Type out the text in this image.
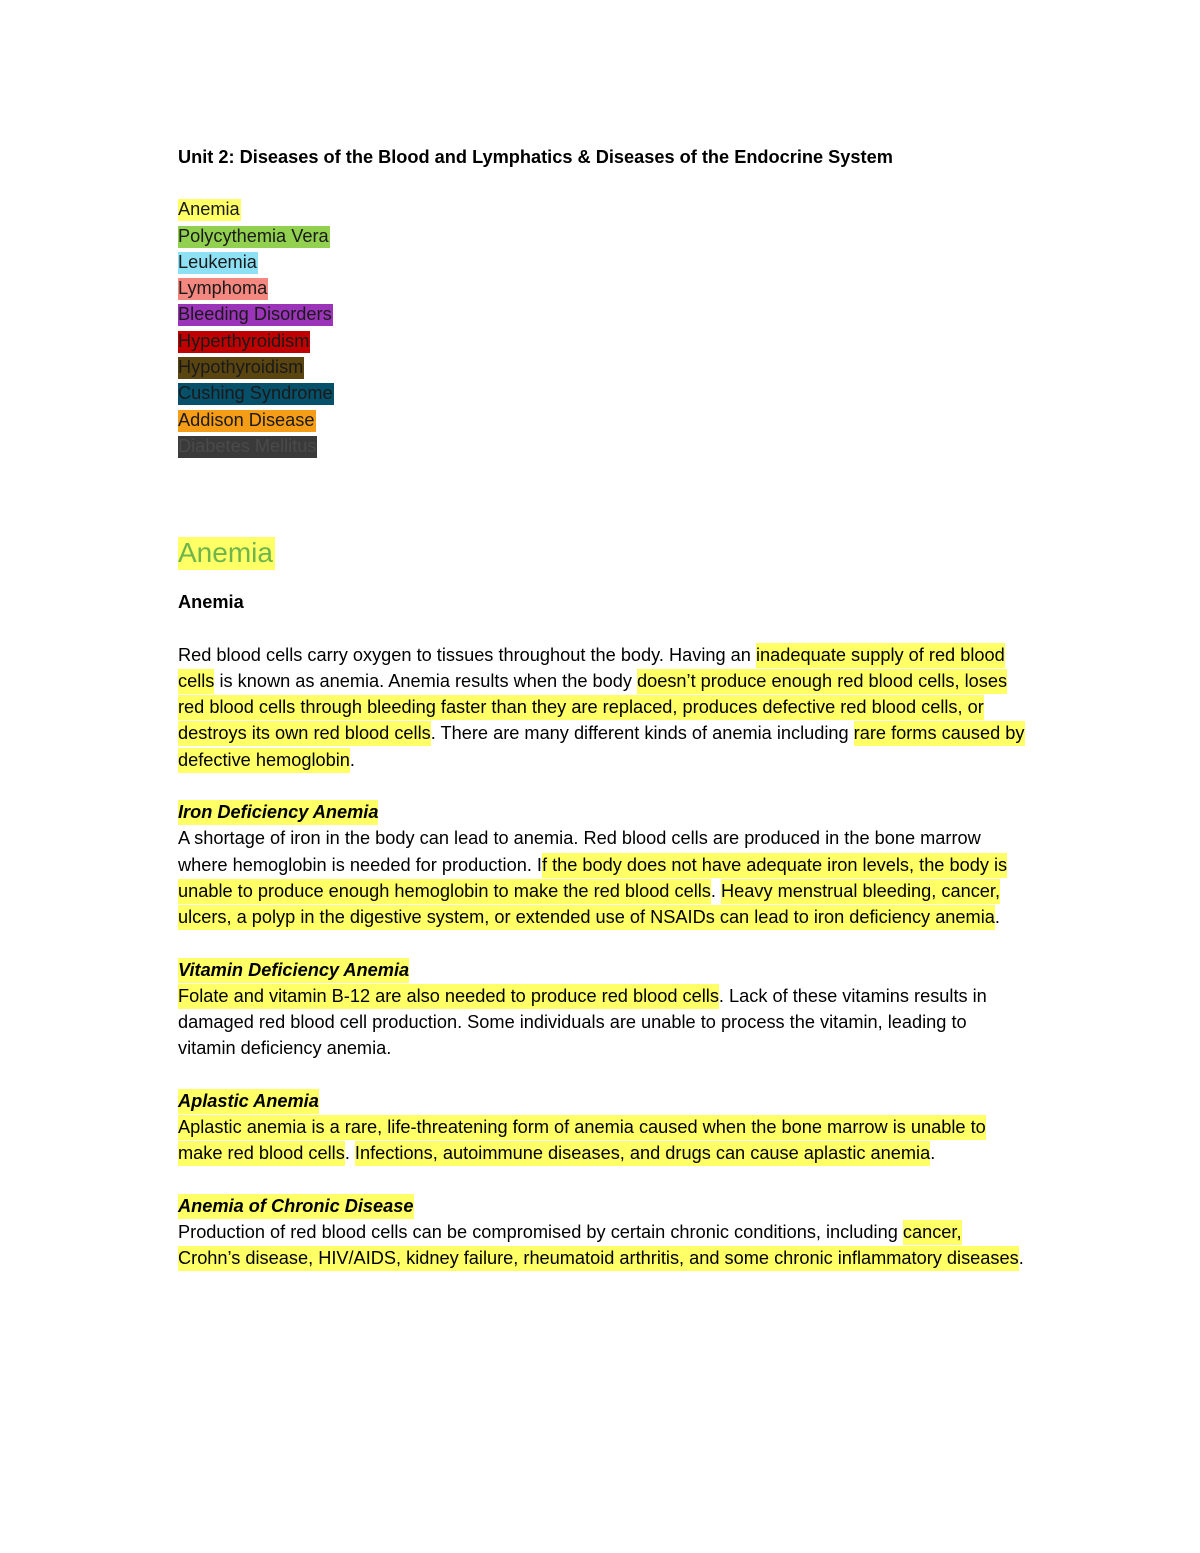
Unit 2: Diseases of the Blood and Lymphatics & Diseases of the Endocrine System

Anemia
Polycythemia Vera
Leukemia
Lymphoma
Bleeding Disorders
Hyperthyroidism
Hypothyroidism
Cushing Syndrome
Addison Disease
Diabetes Mellitus
Anemia
Anemia
Red blood cells carry oxygen to tissues throughout the body. Having an inadequate supply of red blood cells is known as anemia. Anemia results when the body doesn’t produce enough red blood cells, loses red blood cells through bleeding faster than they are replaced, produces defective red blood cells, or destroys its own red blood cells. There are many different kinds of anemia including rare forms caused by defective hemoglobin.
Iron Deficiency Anemia
A shortage of iron in the body can lead to anemia. Red blood cells are produced in the bone marrow where hemoglobin is needed for production. If the body does not have adequate iron levels, the body is unable to produce enough hemoglobin to make the red blood cells. Heavy menstrual bleeding, cancer, ulcers, a polyp in the digestive system, or extended use of NSAIDs can lead to iron deficiency anemia.
Vitamin Deficiency Anemia
Folate and vitamin B-12 are also needed to produce red blood cells. Lack of these vitamins results in damaged red blood cell production. Some individuals are unable to process the vitamin, leading to vitamin deficiency anemia.
Aplastic Anemia
Aplastic anemia is a rare, life-threatening form of anemia caused when the bone marrow is unable to make red blood cells. Infections, autoimmune diseases, and drugs can cause aplastic anemia.
Anemia of Chronic Disease
Production of red blood cells can be compromised by certain chronic conditions, including cancer, Crohn’s disease, HIV/AIDS, kidney failure, rheumatoid arthritis, and some chronic inflammatory diseases.
